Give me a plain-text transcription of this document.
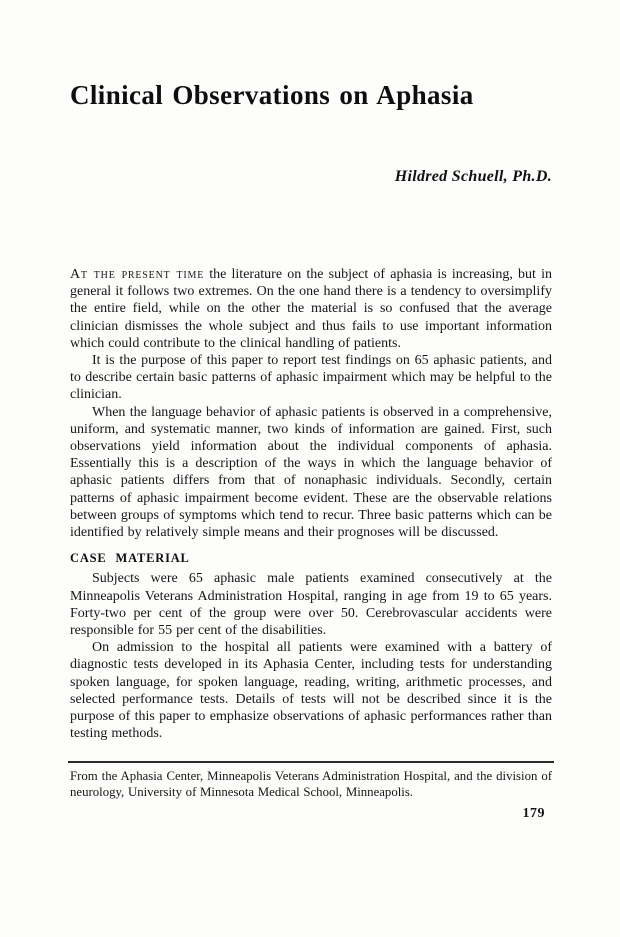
Clinical Observations on Aphasia
Hildred Schuell, Ph.D.

At the present time the literature on the subject of aphasia is increasing, but in general it follows two extremes. On the one hand there is a tendency to oversimplify the entire field, while on the other the material is so confused that the average clinician dismisses the whole subject and thus fails to use important information which could contribute to the clinical handling of patients.

It is the purpose of this paper to report test findings on 65 aphasic patients, and to describe certain basic patterns of aphasic impairment which may be helpful to the clinician.

When the language behavior of aphasic patients is observed in a comprehensive, uniform, and systematic manner, two kinds of information are gained. First, such observations yield information about the individual components of aphasia. Essentially this is a description of the ways in which the language behavior of aphasic patients differs from that of nonaphasic individuals. Secondly, certain patterns of aphasic impairment become evident. These are the observable relations between groups of symptoms which tend to recur. Three basic patterns which can be identified by relatively simple means and their prognoses will be discussed.

CASE MATERIAL

Subjects were 65 aphasic male patients examined consecutively at the Minneapolis Veterans Administration Hospital, ranging in age from 19 to 65 years. Forty-two per cent of the group were over 50. Cerebrovascular accidents were responsible for 55 per cent of the disabilities.

On admission to the hospital all patients were examined with a battery of diagnostic tests developed in its Aphasia Center, including tests for understanding spoken language, for spoken language, reading, writing, arithmetic processes, and selected performance tests. Details of tests will not be described since it is the purpose of this paper to emphasize observations of aphasic performances rather than testing methods.

From the Aphasia Center, Minneapolis Veterans Administration Hospital, and the division of neurology, University of Minnesota Medical School, Minneapolis.

179
